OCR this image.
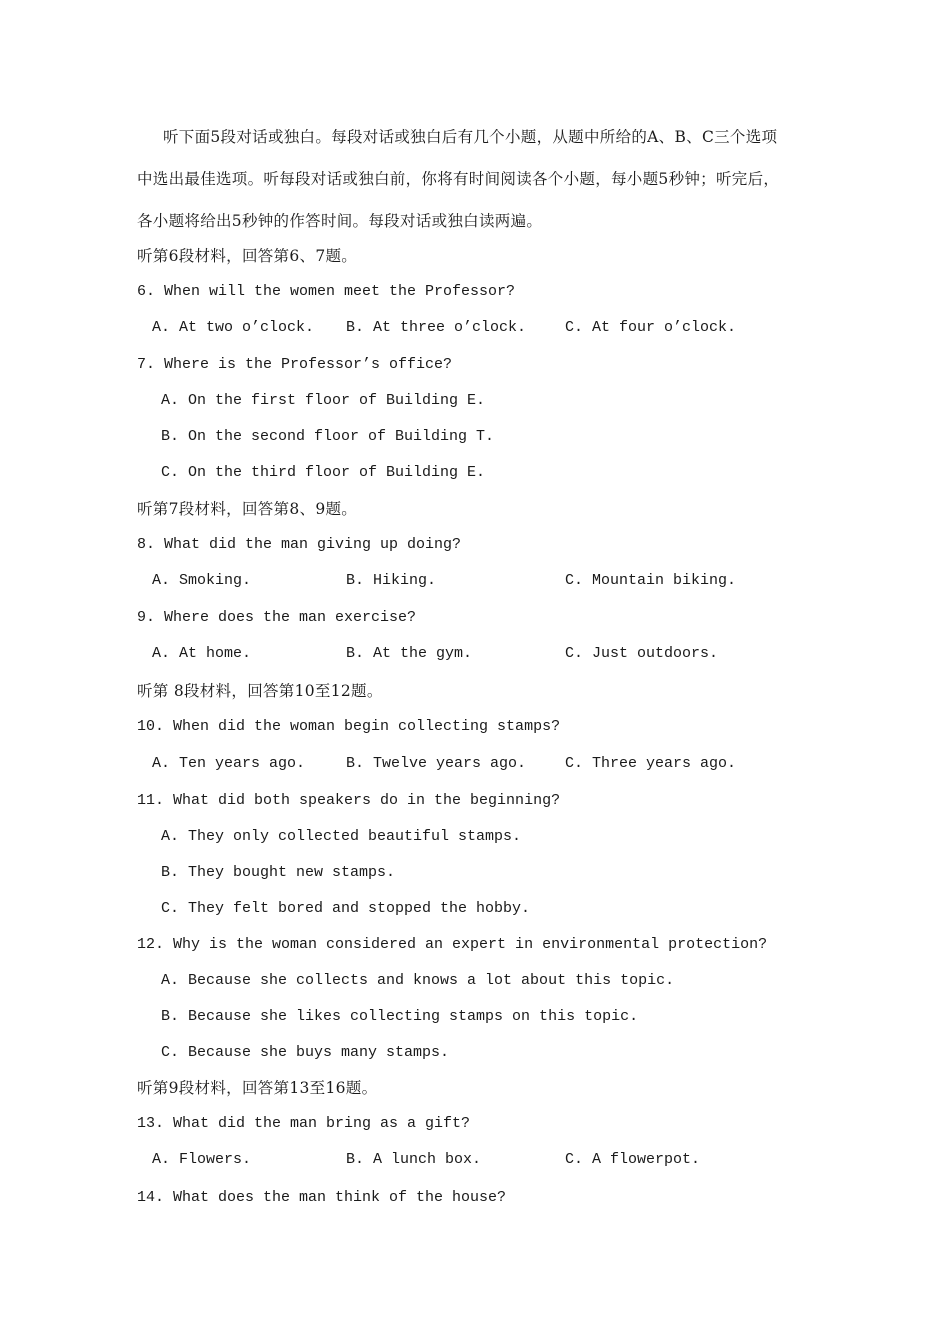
听下面5段对话或独白。每段对话或独白后有几个小题，从题中所给的A、B、C三个选项
中选出最佳选项。听每段对话或独白前，你将有时间阅读各个小题，每小题5秒钟；听完后，
各小题将给出5秒钟的作答时间。每段对话或独白读两遍。
听第6段材料，回答第6、7题。
6. When will the women meet the Professor?
A. At two o’clock. B. At three o’clock.	C. At four o’clock.
7. Where is the Professor’s office?
A. On the first floor of Building E.
B. On the second floor of Building T.
C. On the third floor of Building E.
听第7段材料，回答第8、9题。
8. What did the man giving up doing?
A. Smoking.	B. Hiking.	C. Mountain biking.
9. Where does the man exercise?
A. At home.	B. At the gym.	C. Just outdoors.
听第 8段材料，回答第10至12题。
10. When did the woman begin collecting stamps?
A. Ten years ago.	B. Twelve years ago.	C. Three years ago.
11. What did both speakers do in the beginning?
A. They only collected beautiful stamps.
B. They bought new stamps.
C. They felt bored and stopped the hobby.
12. Why is the woman considered an expert in environmental protection?
A. Because she collects and knows a lot about this topic.
B. Because she likes collecting stamps on this topic.
C. Because she buys many stamps.
听第9段材料，回答第13至16题。
13. What did the man bring as a gift?
A. Flowers.	B. A lunch box.	C. A flowerpot.
14. What does the man think of the house?
